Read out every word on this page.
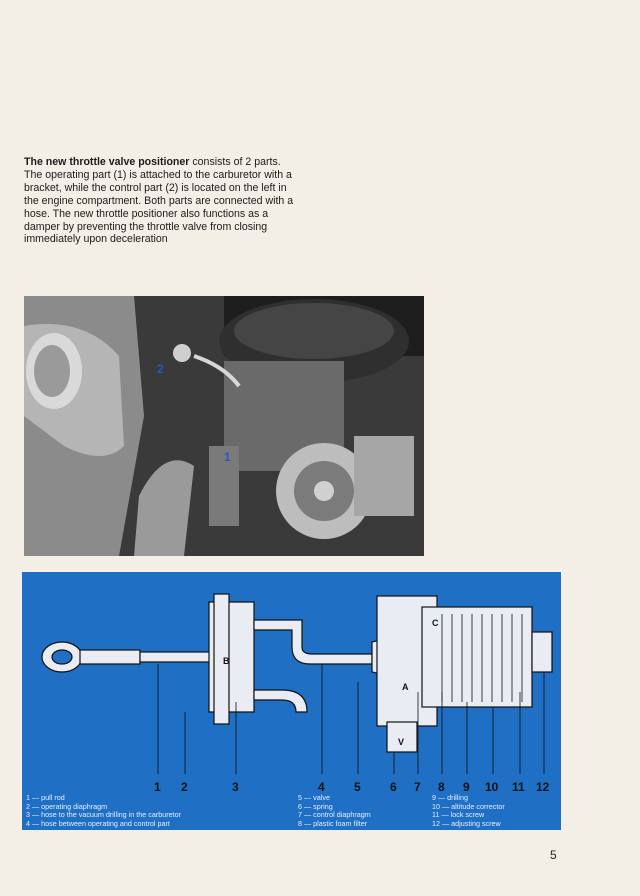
The new throttle valve positioner consists of 2 parts. The operating part (1) is attached to the carburetor with a bracket, while the control part (2) is located on the left in the engine compartment. Both parts are connected with a hose. The new throttle positioner also functions as a damper by preventing the throttle valve from closing immediately upon deceleration
2
1
B
C
A
V
1 2	3	4 5 6 7 8 9 10 11 12
1 — pull rod
2 — operating diaphragm
3 — hose to the vacuum drilling in the carburetor
4 — hose between operating and control part
5 — valve
6 — spring
7 — control diaphragm
8 — plastic foam filter
9 — drilling
10 — altitude corrector
11 — lock screw
12 — adjusting screw
5
